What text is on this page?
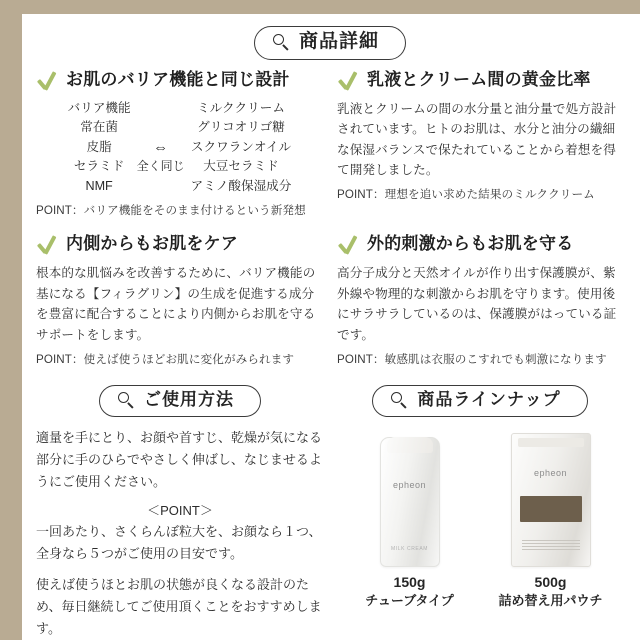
商品詳細
お肌のバリア機能と同じ設計
バリア機能
常在菌
皮脂
セラミド
NMF

⇔
全く同じ

ミルククリーム
グリコオリゴ糖
スクワランオイル
大豆セラミド
アミノ酸保湿成分
POINT：バリア機能をそのまま付けるという新発想
乳液とクリーム間の黄金比率
乳液とクリームの間の水分量と油分量で処方設計されています。ヒトのお肌は、水分と油分の繊細な保湿バランスで保たれていることから着想を得て開発しました。
POINT：理想を追い求めた結果のミルククリーム
内側からもお肌をケア
根本的な肌悩みを改善するために、バリア機能の基になる【フィラグリン】の生成を促進する成分を豊富に配合することにより内側からお肌を守るサポートをします。
POINT：使えば使うほどお肌に変化がみられます
外的刺激からもお肌を守る
高分子成分と天然オイルが作り出す保護膜が、紫外線や物理的な刺激からお肌を守ります。使用後にサラサラしているのは、保護膜がはっている証です。
POINT：敏感肌は衣服のこすれでも刺激になります
ご使用方法
適量を手にとり、お顔や首すじ、乾燥が気になる部分に手のひらでやさしく伸ばし、なじませるようにご使用ください。
＜POINT＞
一回あたり、さくらんぼ粒大を、お顔なら１つ、全身なら５つがご使用の目安です。
使えば使うほとお肌の状態が良くなる設計のため、毎日継続してご使用頂くことをおすすめします。
商品ラインナップ
epheon
MILK CREAM
150g
チューブタイプ
epheon
500g
詰め替え用パウチ
